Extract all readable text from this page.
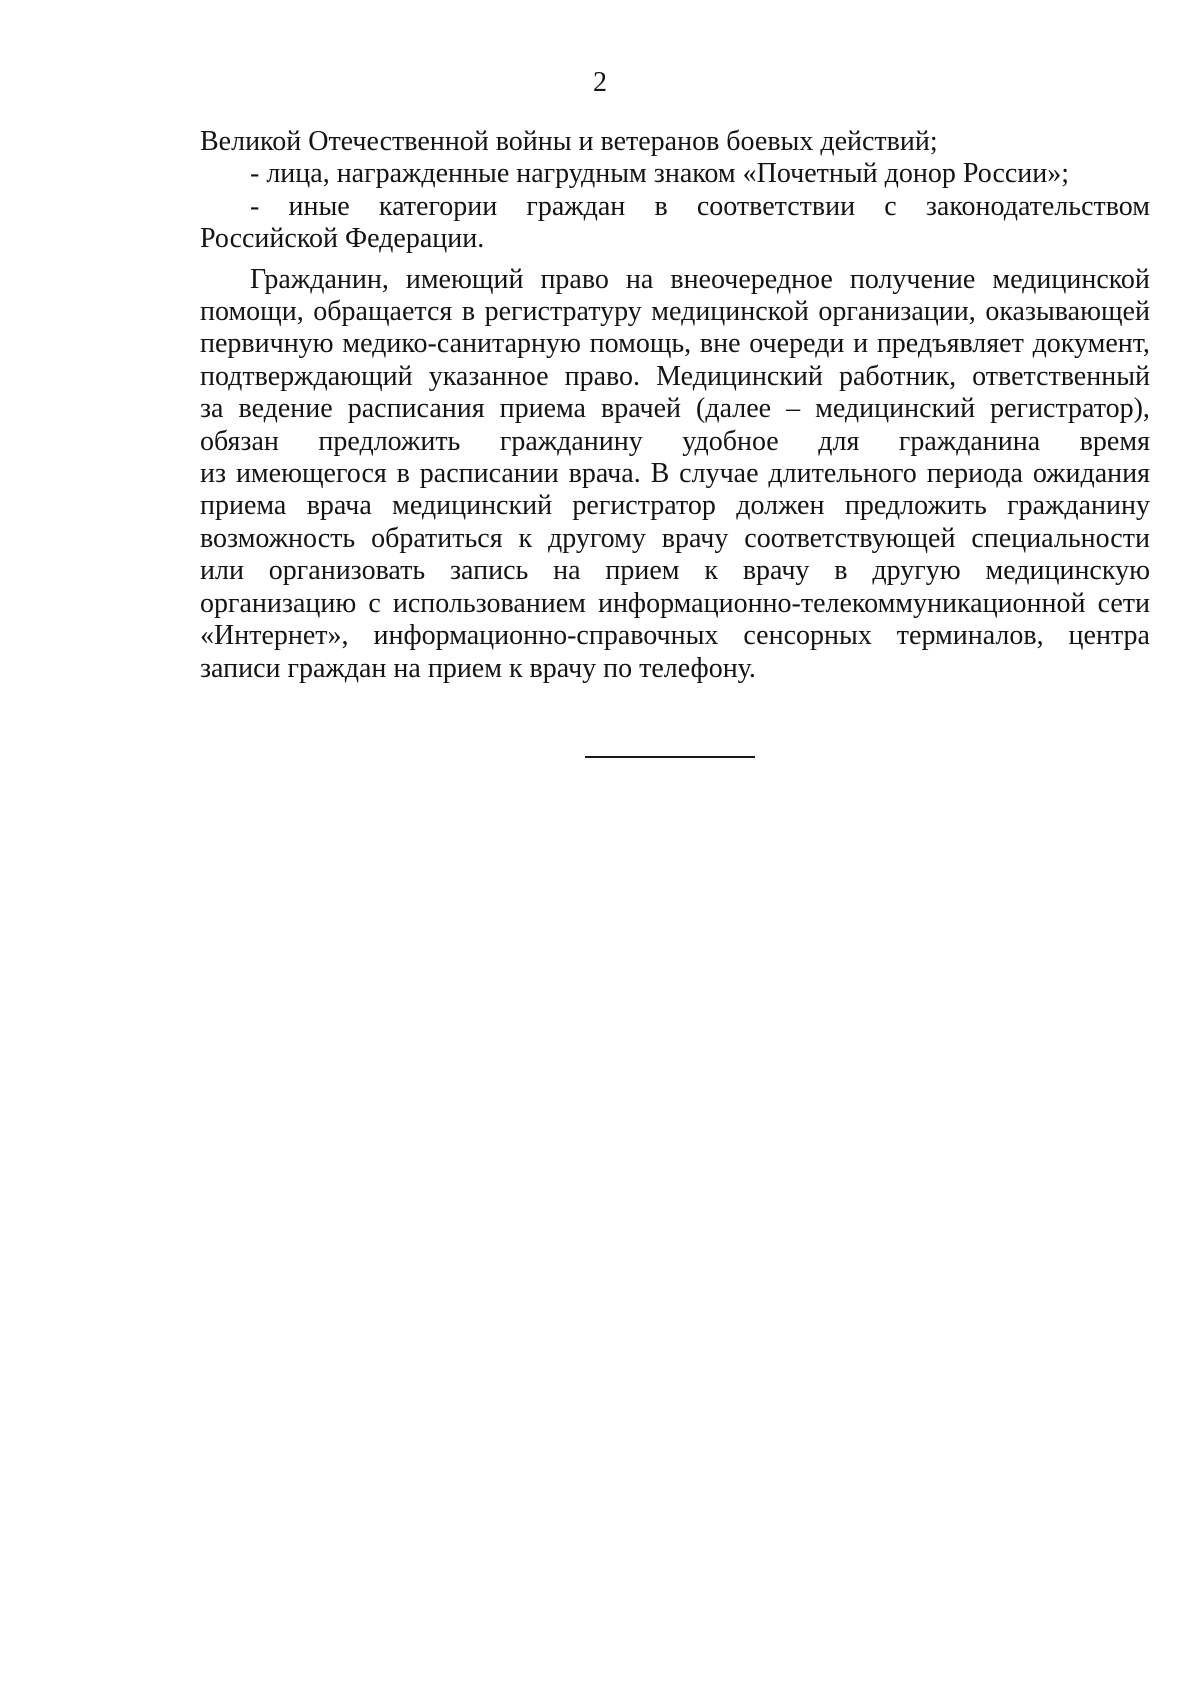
2

Великой Отечественной войны и ветеранов боевых действий;

- лица, награжденные нагрудным знаком «Почетный донор России»;

- иные категории граждан в соответствии с законодательством
Российской Федерации.
Гражданин, имеющий право на внеочередное получение медицинской
помощи, обращается в регистратуру медицинской организации, оказывающей
первичную медико-санитарную помощь, вне очереди и предъявляет документ,
подтверждающий указанное право. Медицинский работник, ответственный
за ведение расписания приема врачей (далее – медицинский регистратор),
обязан предложить гражданину удобное для гражданина время
из имеющегося в расписании врача. В случае длительного периода ожидания
приема врача медицинский регистратор должен предложить гражданину
возможность обратиться к другому врачу соответствующей специальности
или организовать запись на прием к врачу в другую медицинскую
организацию с использованием информационно-телекоммуникационной сети
«Интернет», информационно-справочных сенсорных терминалов, центра
записи граждан на прием к врачу по телефону.
